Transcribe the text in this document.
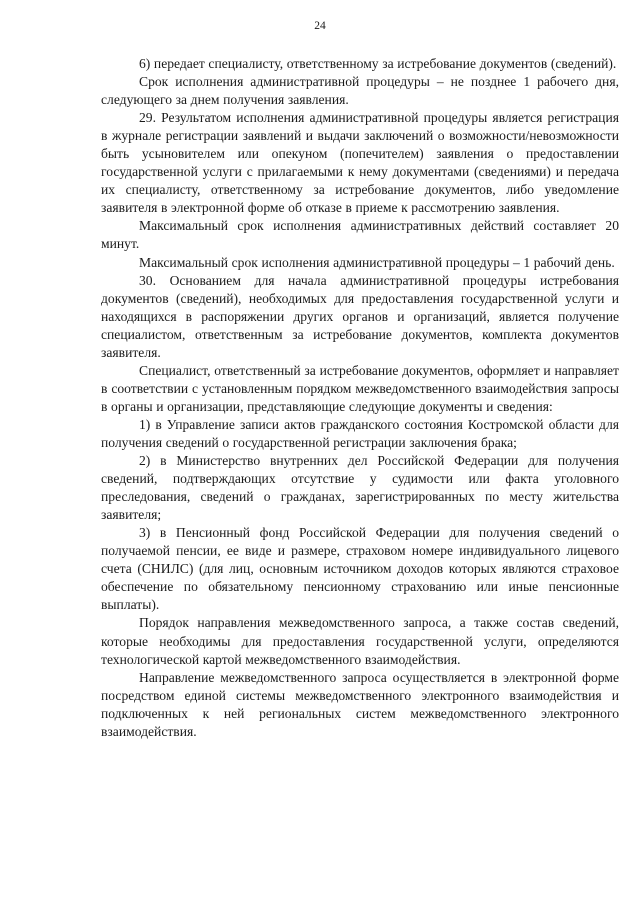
24

6) передает специалисту, ответственному за истребование документов (сведений).

Срок исполнения административной процедуры – не позднее 1 рабочего дня, следующего за днем получения заявления.

29. Результатом исполнения административной процедуры является регистрация в журнале регистрации заявлений и выдачи заключений о возможности/невозможности быть усыновителем или опекуном (попечителем) заявления о предоставлении государственной услуги с прилагаемыми к нему документами (сведениями) и передача их специалисту, ответственному за истребование документов, либо уведомление заявителя в электронной форме об отказе в приеме к рассмотрению заявления.

Максимальный срок исполнения административных действий составляет 20 минут.

Максимальный срок исполнения административной процедуры – 1 рабочий день.

30. Основанием для начала административной процедуры истребования документов (сведений), необходимых для предоставления государственной услуги и находящихся в распоряжении других органов и организаций, является получение специалистом, ответственным за истребование документов, комплекта документов заявителя.

Специалист, ответственный за истребование документов, оформляет и направляет в соответствии с установленным порядком межведомственного взаимодействия запросы в органы и организации, представляющие следующие документы и сведения:

1) в Управление записи актов гражданского состояния Костромской области для получения сведений о государственной регистрации заключения брака;

2) в Министерство внутренних дел Российской Федерации для получения сведений, подтверждающих отсутствие у судимости или факта уголовного преследования, сведений о гражданах, зарегистрированных по месту жительства заявителя;

3) в Пенсионный фонд Российской Федерации для получения сведений о получаемой пенсии, ее виде и размере, страховом номере индивидуального лицевого счета (СНИЛС) (для лиц, основным источником доходов которых являются страховое обеспечение по обязательному пенсионному страхованию или иные пенсионные выплаты).

Порядок направления межведомственного запроса, а также состав сведений, которые необходимы для предоставления государственной услуги, определяются технологической картой межведомственного взаимодействия.

Направление межведомственного запроса осуществляется в электронной форме посредством единой системы межведомственного электронного взаимодействия и подключенных к ней региональных систем межведомственного электронного взаимодействия.
